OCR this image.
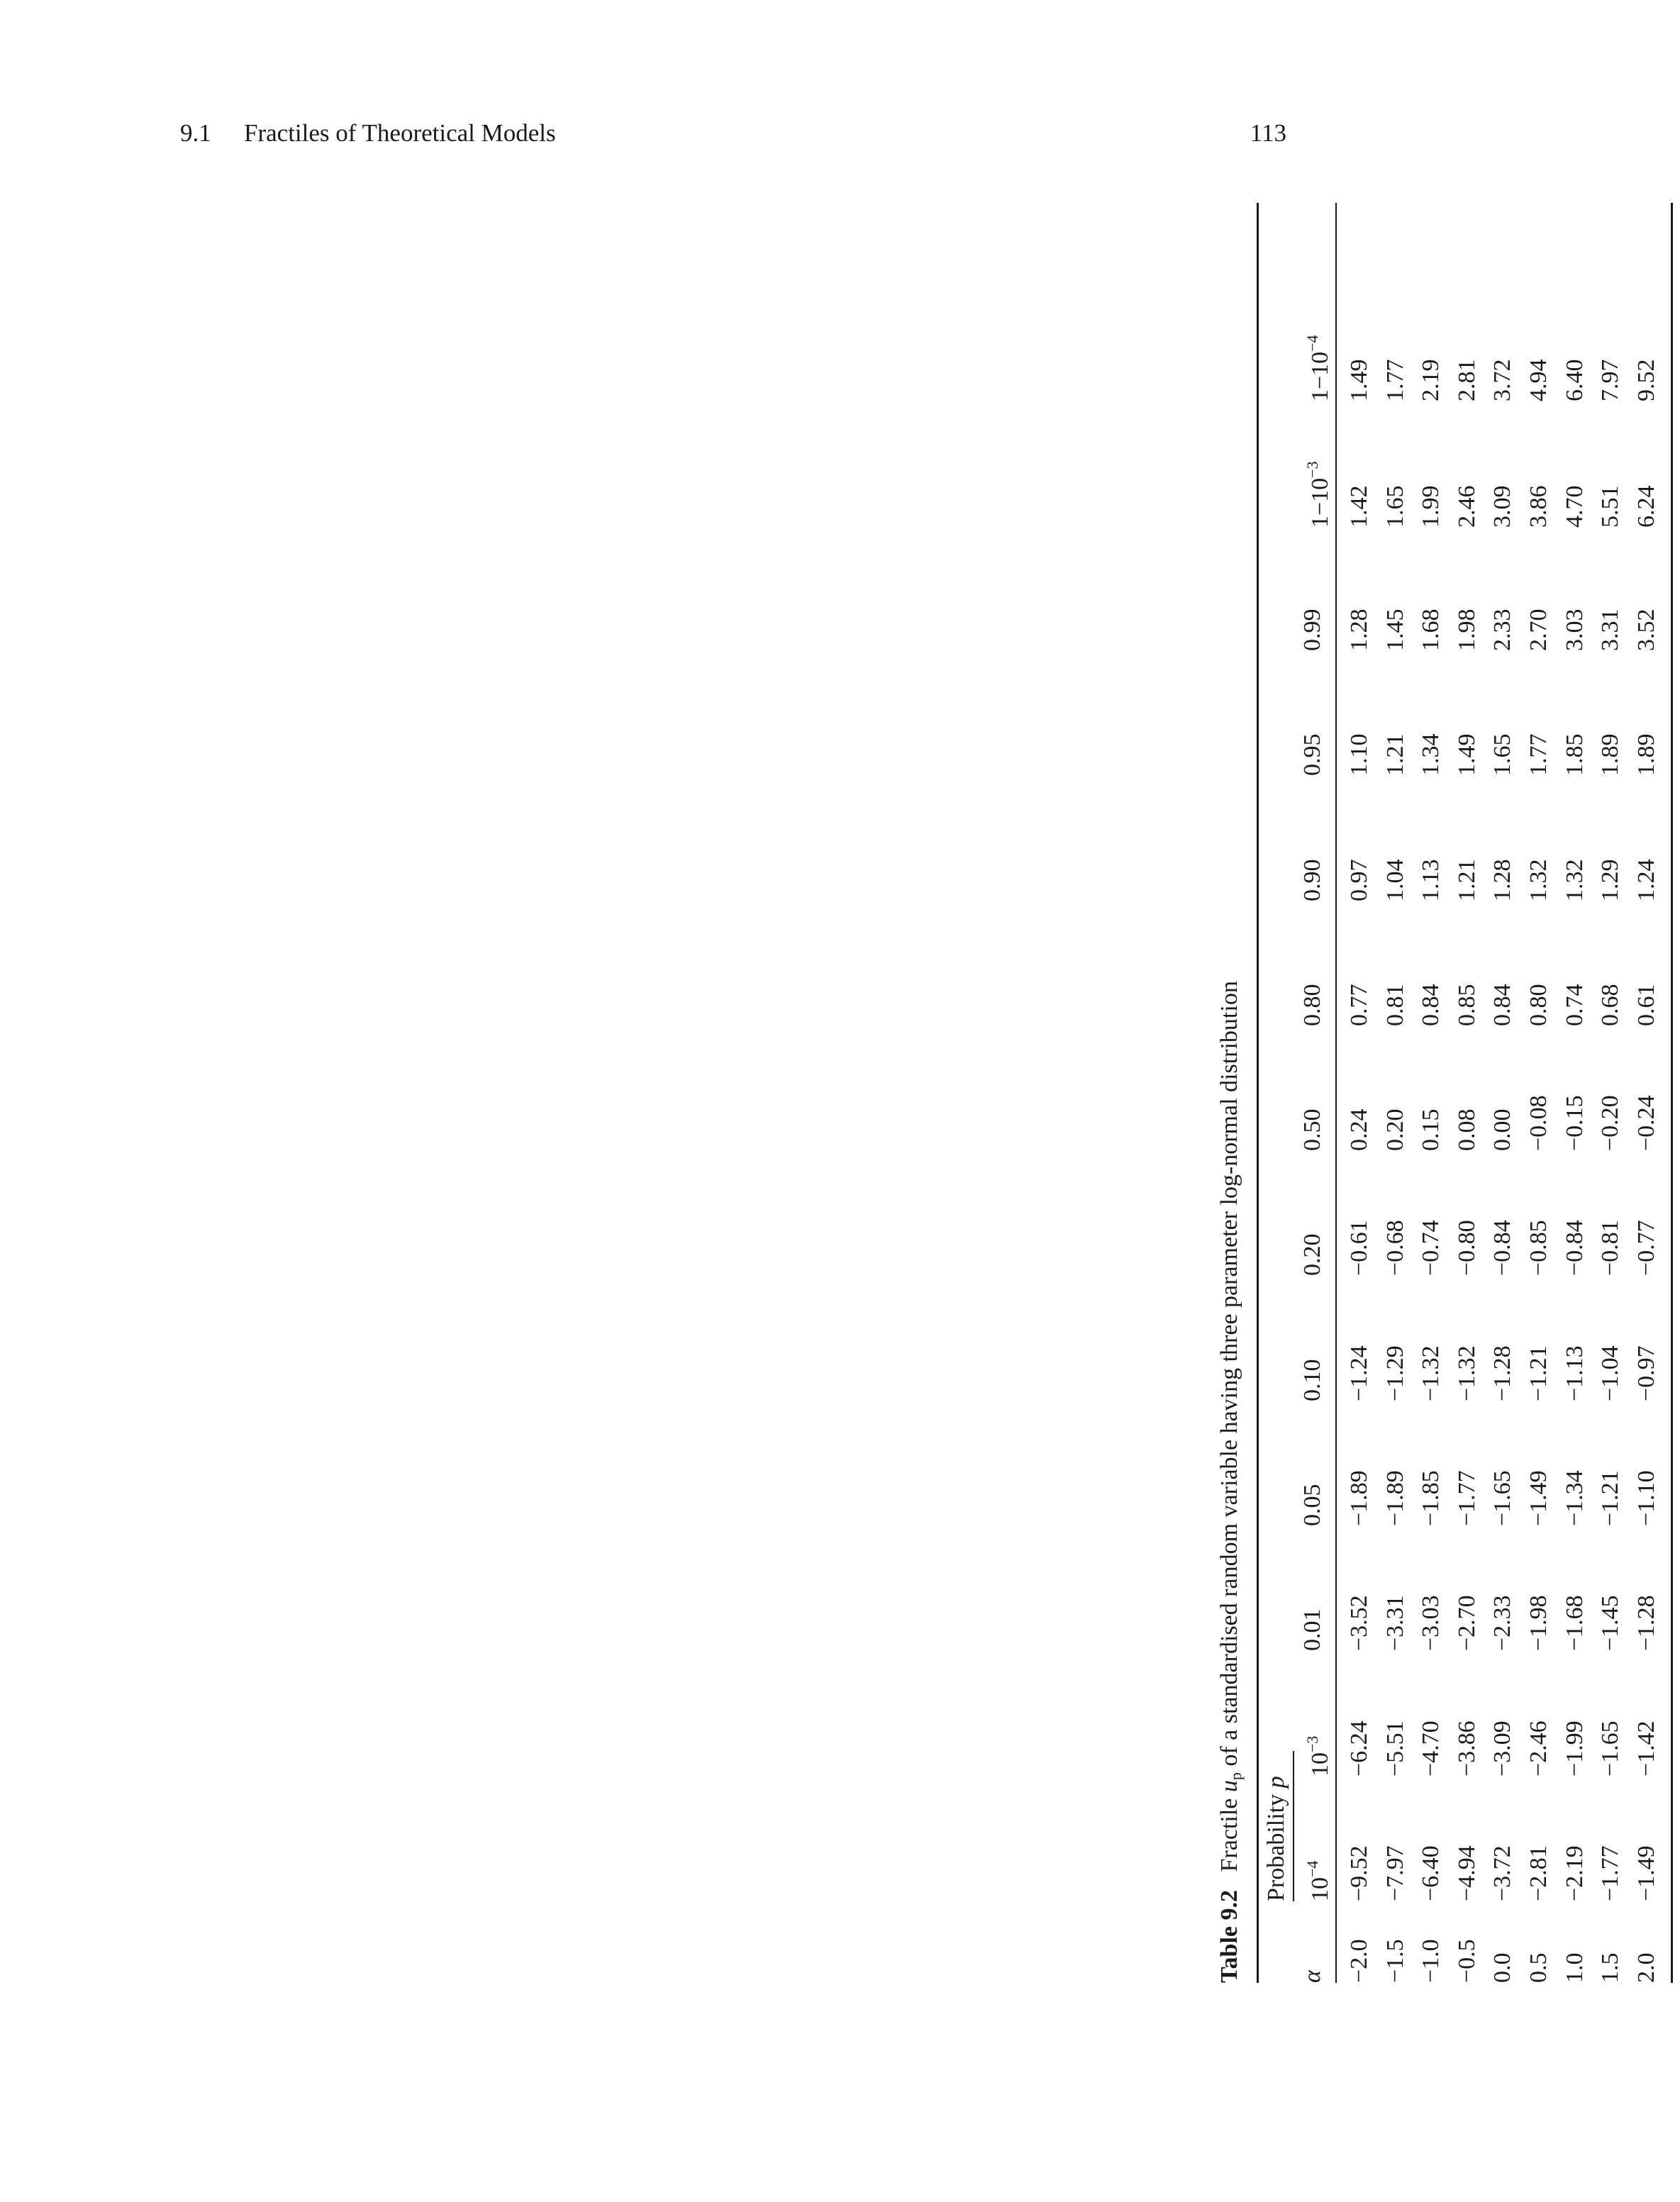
9.1 Fractiles of Theoretical Models	113
Table 9.2   Fractile $u_p$ of a standardised random variable having three parameter log-normal distribution
Probability p
α
$10^{-4}$
$10^{-3}$
0.01
0.05
0.10
0.20
0.50
0.80
0.90
0.95
0.99
$1-10^{-3}$
$1-10^{-4}$
−2.0
−9.52
−6.24
−3.52
−1.89
−1.24
−0.61
0.24
0.77
0.97
1.10
1.28
1.42
1.49
−1.5
−7.97
−5.51
−3.31
−1.89
−1.29
−0.68
0.20
0.81
1.04
1.21
1.45
1.65
1.77
−1.0
−6.40
−4.70
−3.03
−1.85
−1.32
−0.74
0.15
0.84
1.13
1.34
1.68
1.99
2.19
−0.5
−4.94
−3.86
−2.70
−1.77
−1.32
−0.80
0.08
0.85
1.21
1.49
1.98
2.46
2.81
0.0
−3.72
−3.09
−2.33
−1.65
−1.28
−0.84
0.00
0.84
1.28
1.65
2.33
3.09
3.72
0.5
−2.81
−2.46
−1.98
−1.49
−1.21
−0.85
−0.08
0.80
1.32
1.77
2.70
3.86
4.94
1.0
−2.19
−1.99
−1.68
−1.34
−1.13
−0.84
−0.15
0.74
1.32
1.85
3.03
4.70
6.40
1.5
−1.77
−1.65
−1.45
−1.21
−1.04
−0.81
−0.20
0.68
1.29
1.89
3.31
5.51
7.97
2.0
−1.49
−1.42
−1.28
−1.10
−0.97
−0.77
−0.24
0.61
1.24
1.89
3.52
6.24
9.52
